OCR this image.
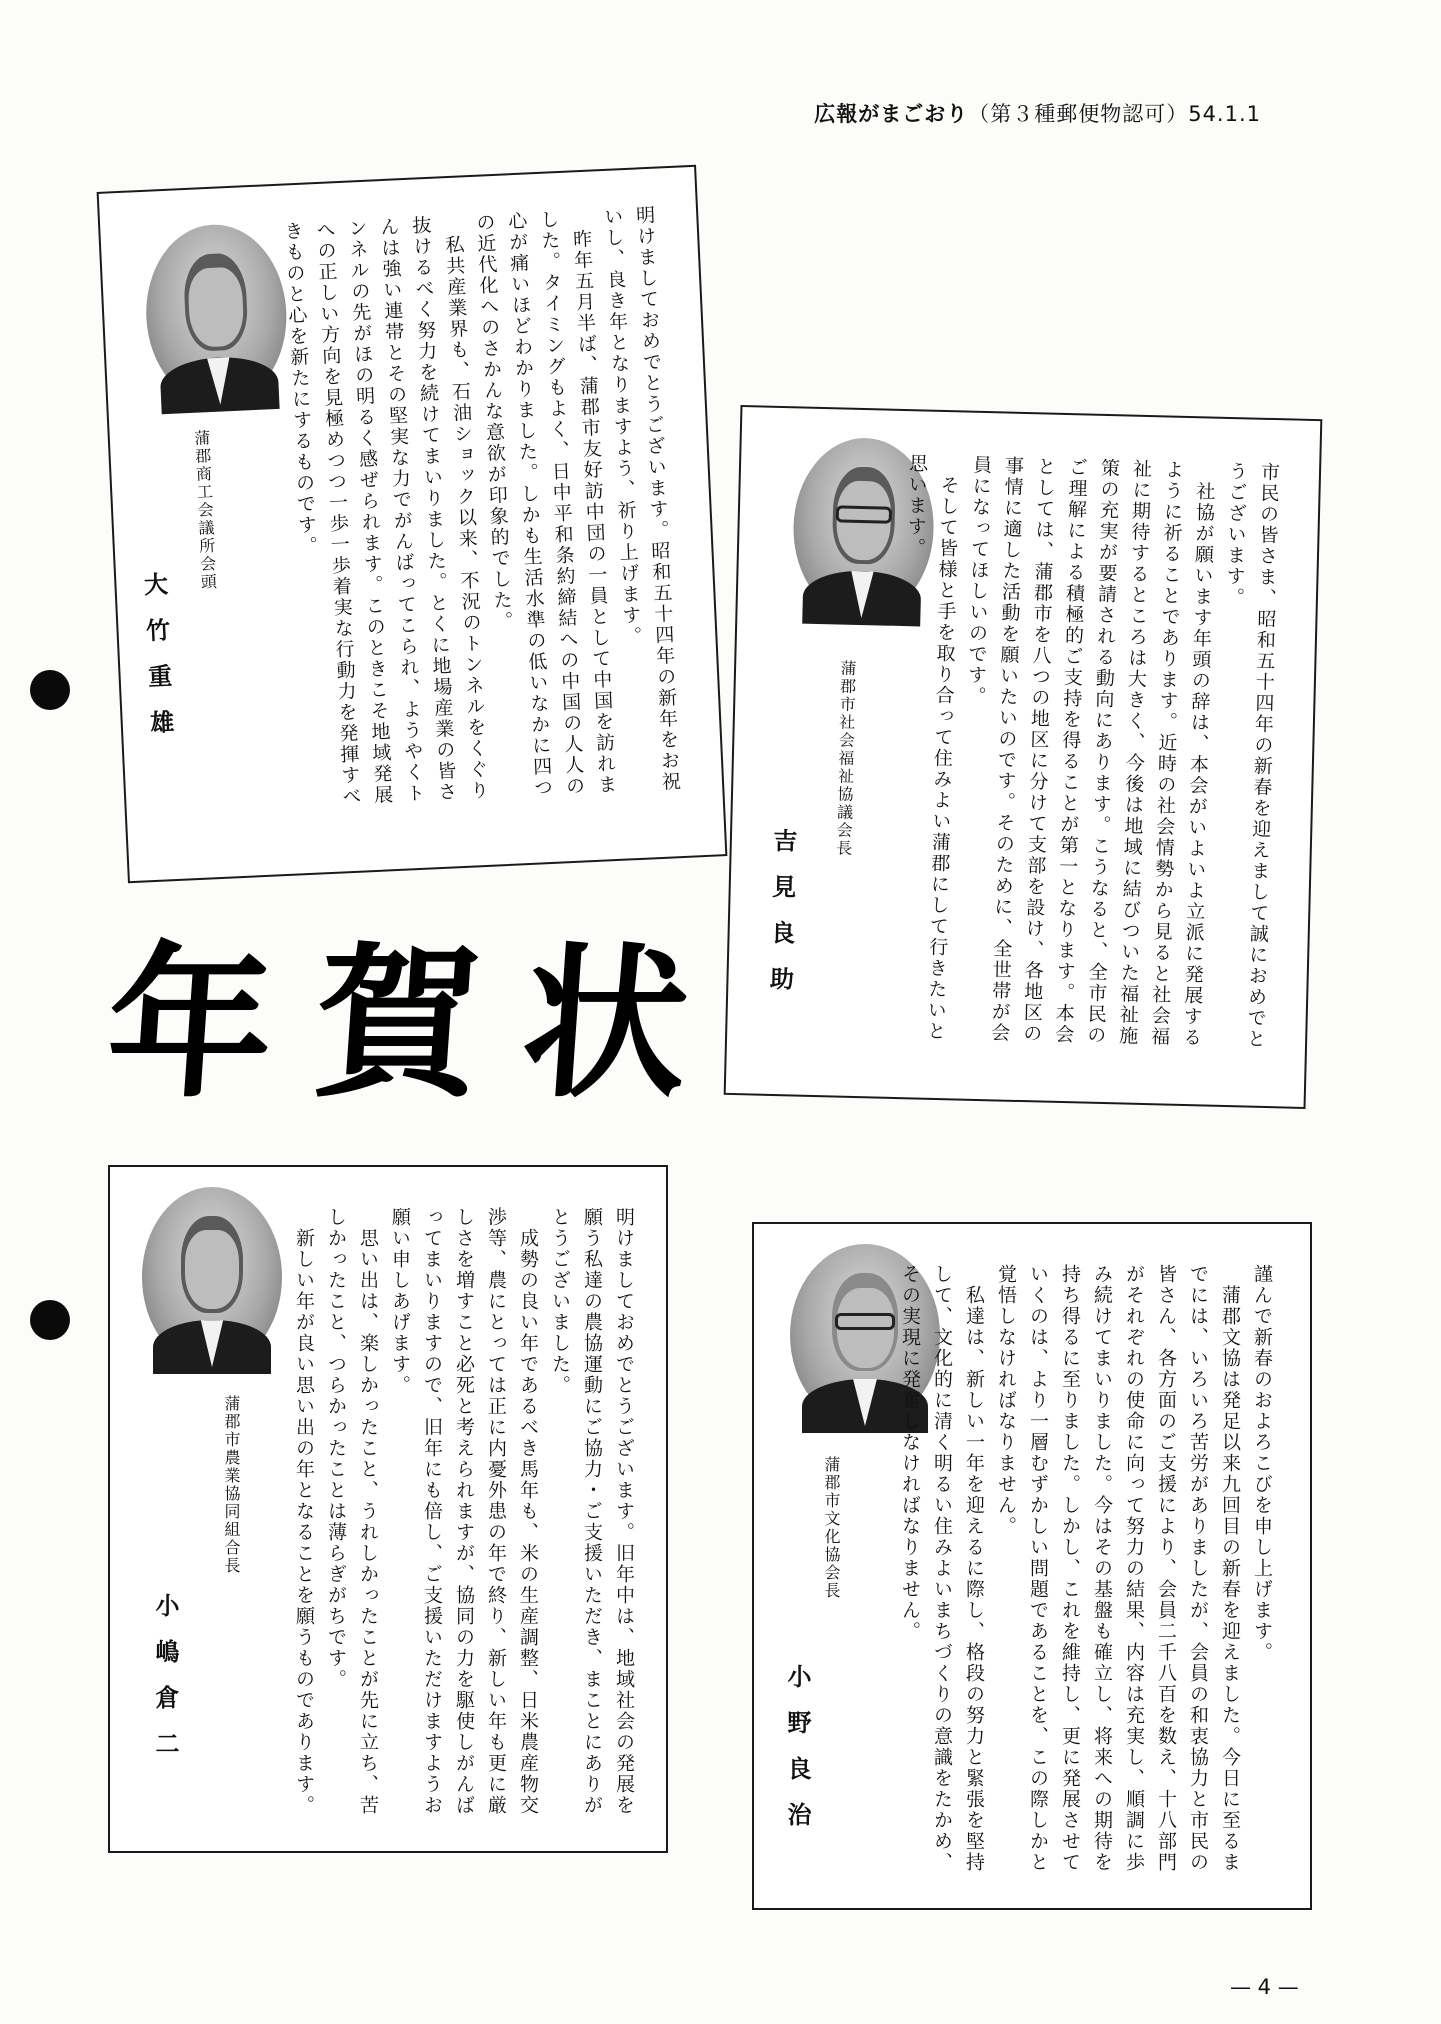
広報がまごおり（第３種郵便物認可）54.1.1
明けましておめでとうございます。昭和五十四年の新年をお祝いし、良き年となりますよう、祈り上げます。
　昨年五月半ば、蒲郡市友好訪中団の一員として中国を訪れました。タイミングもよく、日中平和条約締結への中国の人人の心が痛いほどわかりました。しかも生活水準の低いなかに四つの近代化へのさかんな意欲が印象的でした。
　私共産業界も、石油ショック以来、不況のトンネルをくぐり抜けるべく努力を続けてまいりました。とくに地場産業の皆さんは強い連帯とその堅実な力でがんばってこられ、ようやくトンネルの先がほの明るく感ぜられます。このときこそ地域発展への正しい方向を見極めつつ一歩一歩着実な行動力を発揮すべきものと心を新たにするものです。
蒲郡商工会議所会頭
大竹重雄	市民の皆さま、昭和五十四年の新春を迎えまして誠におめでとうございます。
　社協が願います年頭の辞は、本会がいよいよ立派に発展するように祈ることであります。近時の社会情勢から見ると社会福祉に期待するところは大きく、今後は地域に結びついた福祉施策の充実が要請される動向にあります。こうなると、全市民のご理解による積極的ご支持を得ることが第一となります。本会としては、蒲郡市を八つの地区に分けて支部を設け、各地区の事情に適した活動を願いたいのです。そのために、全世帯が会員になってほしいのです。
　そして皆様と手を取り合って住みよい蒲郡にして行きたいと思います。
蒲郡市社会福祉協議会長
吉見良助
年 賀 状
明けましておめでとうございます。旧年中は、地域社会の発展を願う私達の農協運動にご協力・ご支援いただき、まことにありがとうございました。
　成勢の良い年であるべき馬年も、米の生産調整、日米農産物交渉等、農にとっては正に内憂外患の年で終り、新しい年も更に厳しさを増すこと必死と考えられますが、協同の力を駆使しがんばってまいりますので、旧年にも倍し、ご支援いただけますようお願い申しあげます。
　思い出は、楽しかったこと、うれしかったことが先に立ち、苦しかったこと、つらかったことは薄らぎがちです。
　新しい年が良い思い出の年となることを願うものであります。
蒲郡市農業協同組合長
小嶋倉二
謹んで新春のおよろこびを申し上げます。
　蒲郡文協は発足以来九回目の新春を迎えました。今日に至るまでには、いろいろ苦労がありましたが、会員の和衷協力と市民の皆さん、各方面のご支援により、会員二千八百を数え、十八部門がそれぞれの使命に向って努力の結果、内容は充実し、順調に歩み続けてまいりました。今はその基盤も確立し、将来への期待を持ち得るに至りました。しかし、これを維持し、更に発展させていくのは、より一層むずかしい問題であることを、この際しかと覚悟しなければなりません。
　私達は、新しい一年を迎えるに際し、格段の努力と緊張を堅持して、文化的に清く明るい住みよいまちづくりの意識をたかめ、その実現に発奮しなければなりません。
蒲郡市文化協会長
小野良治
— 4 —
